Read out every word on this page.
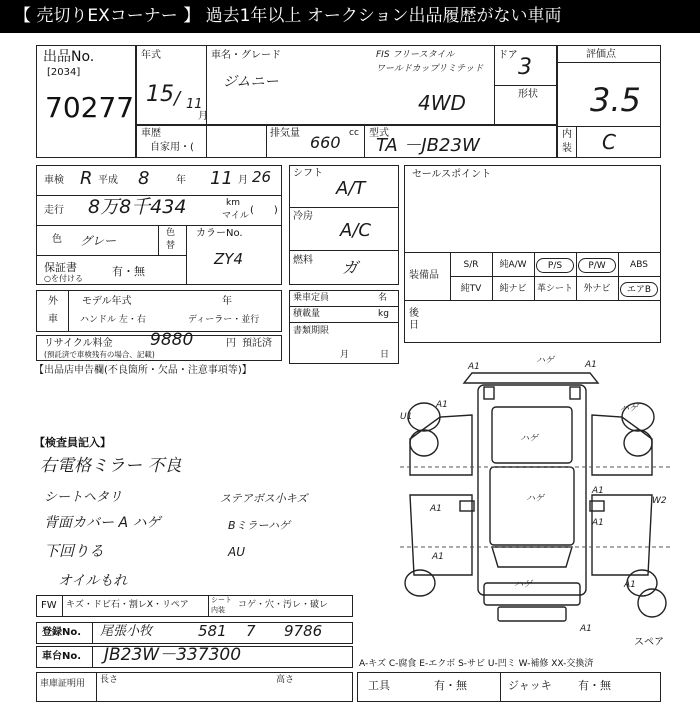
【 売切りEXコーナー 】 過去1年以上 オークション出品履歴がない車両
出品No.
[2034]
70277
年式
15 / 11
月
車名・グレード	FIS フリースタイル
ワールドカップリミテッド
ジムニー
4WD
ドア 3
形状
評価点
3.5
内
装 C
車歴
自家用・(
排気量 660 cc 型式
TA －JB23W
車検 R 平成 8	年 11 月 26
走行 8万8千434	km
マイル (　　)
色 グレー
色
替
カラーNo.
ZY4
保証書
○を付ける
有・無
外
車
モデル年式	年
ハンドル 左・右	ディーラー・並行
リサイクル料金 9880	円 預託済
(預託済で車検残有の場合、記載)
シフト
A/T
冷房
A/C
燃料 ガ
乗車定員	名
積載量	kg
書類期限
月	日
セールスポイント
装備品
S/R	純A/W	P/S	P/W	ABS
純TV	純ナビ	革シート	外ナビ	エアB
後日
【出品店申告欄(不良箇所・欠品・注意事項等)】
【検査員記入】
右電格ミラー 不良
シートヘタリ	ステアボス小キズ
背面カバー A ハゲ	Bミラーハゲ
下回りる	AU
オイルもれ
FW キズ・ドビ石・割レX・リペア	シート
内装 コゲ・穴・汚レ・破レ
登録No. 尾張小牧	581 7 9786
車台No. JB23W－337300
車庫証明用 長さ	高さ
A-キズ C-腐食 E-エクボ S-サビ U-凹ミ W-補修 XX-交換済
工具	有・無	ジャッキ 有・無
A1
ハゲ	A1
U1
A1	ハゲ
W2
ハゲ
A1
A1
ハゲ
A1
A1
ハゲ	A1
A1
スペア
